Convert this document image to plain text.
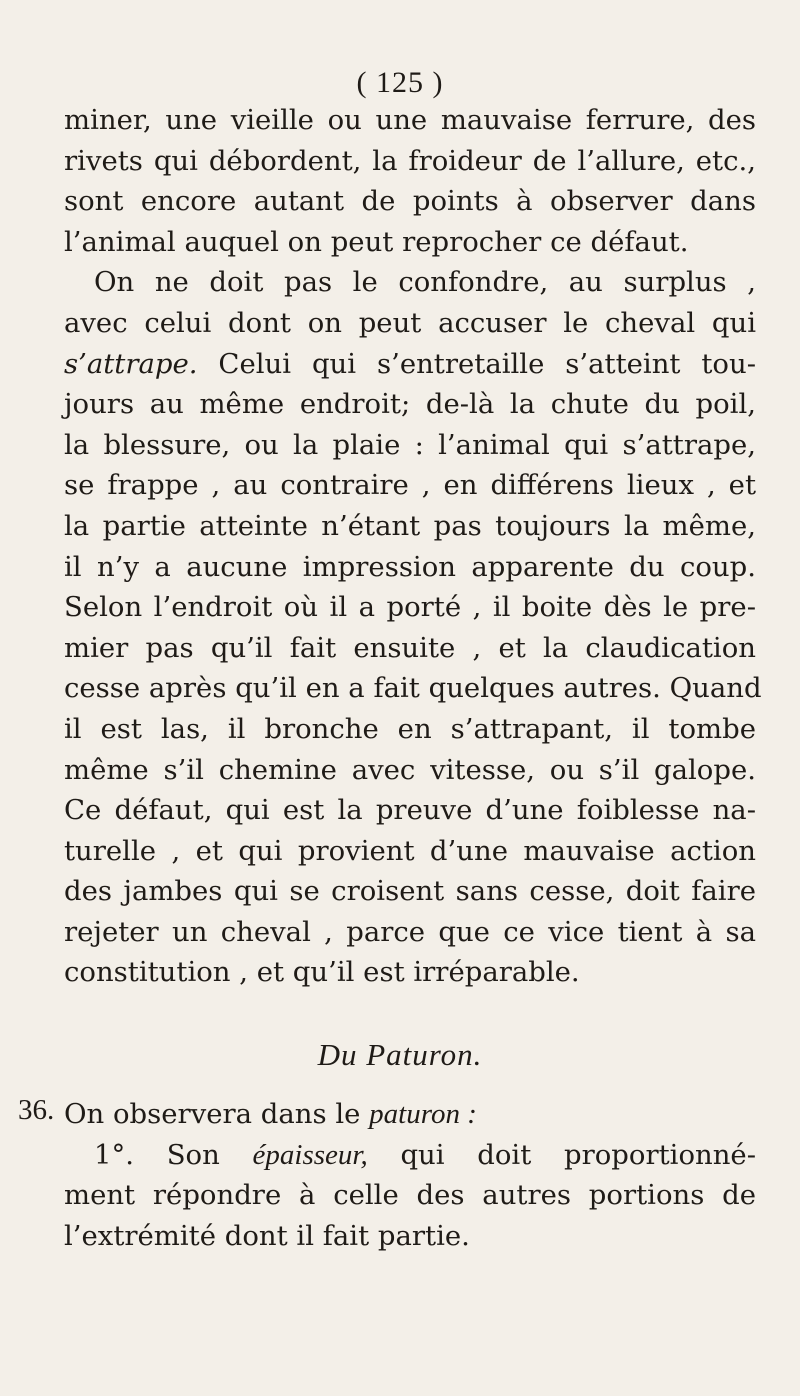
( 125 )
miner, une vieille ou une mauvaise ferrure, des
rivets qui débordent, la froideur de l’allure, etc.,
sont encore autant de points à observer dans
l’animal auquel on peut reprocher ce défaut.
On ne doit pas le confondre, au surplus ,
avec celui dont on peut accuser le cheval qui
s’attrape. Celui qui s’entretaille s’atteint tou-
jours au même endroit; de-là la chute du poil,
la blessure, ou la plaie : l’animal qui s’attrape,
se frappe , au contraire , en différens lieux , et
la partie atteinte n’étant pas toujours la même,
il n’y a aucune impression apparente du coup.
Selon l’endroit où il a porté , il boite dès le pre-
mier pas qu’il fait ensuite , et la claudication
cesse après qu’il en a fait quelques autres. Quand
il est las, il bronche en s’attrapant, il tombe
même s’il chemine avec vitesse, ou s’il galope.
Ce défaut, qui est la preuve d’une foiblesse na-
turelle , et qui provient d’une mauvaise action
des jambes qui se croisent sans cesse, doit faire
rejeter un cheval , parce que ce vice tient à sa
constitution , et qu’il est irréparable.
Du Paturon.
36. On observera dans le paturon :
1°. Son épaisseur, qui doit proportionné-
ment répondre à celle des autres portions de
l’extrémité dont il fait partie.
